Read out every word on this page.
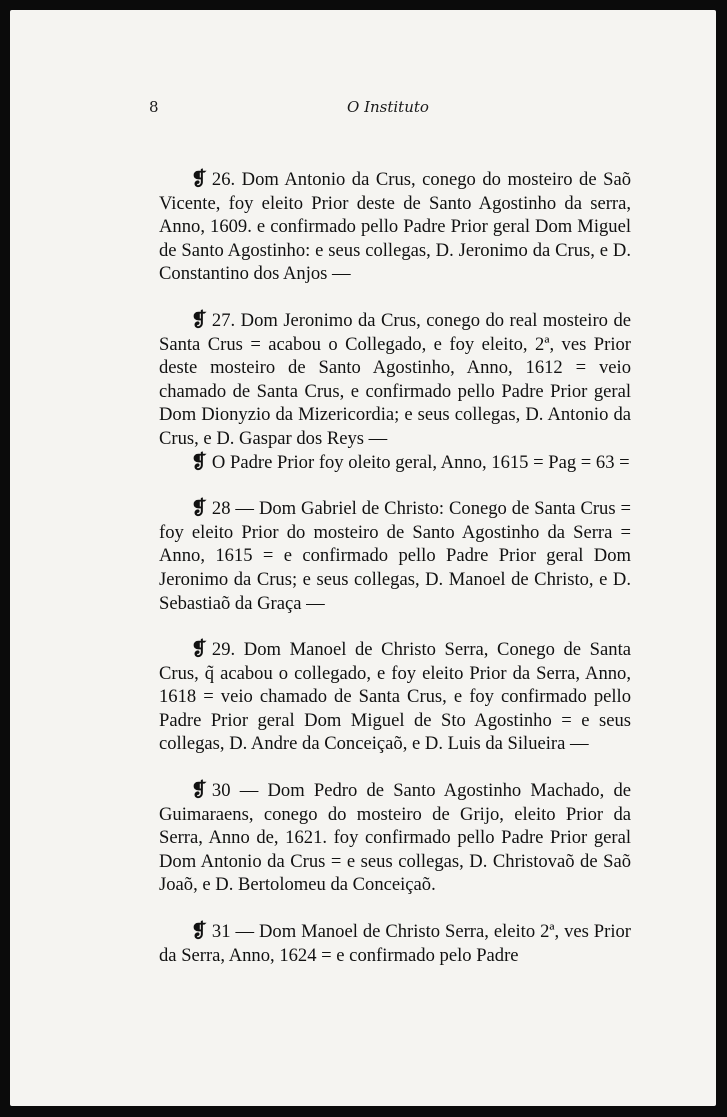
8	O Instituto

❡ 26. Dom Antonio da Crus, conego do mosteiro de Saõ Vicente, foy eleito Prior deste de Santo Agostinho da serra, Anno, 1609. e confirmado pello Padre Prior geral Dom Miguel de Santo Agostinho: e seus collegas, D. Jeronimo da Crus, e D. Constantino dos Anjos —

❡ 27. Dom Jeronimo da Crus, conego do real mosteiro de Santa Crus = acabou o Collegado, e foy eleito, 2ª, ves Prior deste mosteiro de Santo Agostinho, Anno, 1612 = veio chamado de Santa Crus, e confirmado pello Padre Prior geral Dom Dionyzio da Mizericordia; e seus collegas, D. Antonio da Crus, e D. Gaspar dos Reys —

❡ O Padre Prior foy oleito geral, Anno, 1615 = Pag = 63 =

❡ 28 — Dom Gabriel de Christo: Conego de Santa Crus = foy eleito Prior do mosteiro de Santo Agostinho da Serra = Anno, 1615 = e confirmado pello Padre Prior geral Dom Jeronimo da Crus; e seus collegas, D. Manoel de Christo, e D. Sebastiaõ da Graça —

❡ 29. Dom Manoel de Christo Serra, Conego de Santa Crus, q̃ acabou o collegado, e foy eleito Prior da Serra, Anno, 1618 = veio chamado de Santa Crus, e foy confirmado pello Padre Prior geral Dom Miguel de Sto Agostinho = e seus collegas, D. Andre da Conceiçaõ, e D. Luis da Silueira —

❡ 30 — Dom Pedro de Santo Agostinho Machado, de Guimaraens, conego do mosteiro de Grijo, eleito Prior da Serra, Anno de, 1621. foy confirmado pello Padre Prior geral Dom Antonio da Crus = e seus collegas, D. Christovaõ de Saõ Joaõ, e D. Bertolomeu da Conceiçaõ.

❡ 31 — Dom Manoel de Christo Serra, eleito 2ª, ves Prior da Serra, Anno, 1624 = e confirmado pelo Padre
